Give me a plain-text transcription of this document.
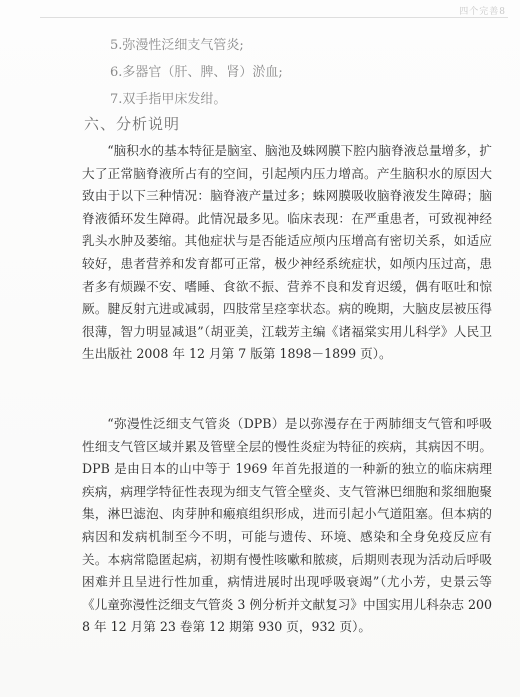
四个完善8
5.弥漫性泛细支气管炎;
6.多器官（肝、脾、肾）淤血;
7.双手指甲床发绀。
六、分析说明
“脑积水的基本特征是脑室、脑池及蛛网膜下腔内脑脊液总量增多，扩大了正常脑脊液所占有的空间，引起颅内压力增高。产生脑积水的原因大致由于以下三种情况：脑脊液产量过多；蛛网膜吸收脑脊液发生障碍；脑脊液循环发生障碍。此情况最多见。临床表现：在严重患者，可致视神经乳头水肿及萎缩。其他症状与是否能适应颅内压增高有密切关系，如适应较好，患者营养和发育都可正常，极少神经系统症状，如颅内压过高，患者多有烦躁不安、嗜睡、食欲不振、营养不良和发育迟缓，偶有呕吐和惊厥。腱反射亢进或减弱，四肢常呈痉挛状态。病的晚期，大脑皮层被压得很薄，智力明显减退”（胡亚美，江载芳主编《诸福棠实用儿科学》人民卫生出版社 2008 年 12 月第 7 版第 1898－1899 页）。
“弥漫性泛细支气管炎（DPB）是以弥漫存在于两肺细支气管和呼吸性细支气管区域并累及管壁全层的慢性炎症为特征的疾病，其病因不明。DPB 是由日本的山中等于 1969 年首先报道的一种新的独立的临床病理疾病，病理学特征性表现为细支气管全壁炎、支气管淋巴细胞和浆细胞聚集，淋巴滤泡、肉芽肿和瘢痕组织形成，进而引起小气道阻塞。但本病的病因和发病机制至今不明，可能与遗传、环境、感染和全身免疫反应有关。本病常隐匿起病，初期有慢性咳嗽和脓痰，后期则表现为活动后呼吸困难并且呈进行性加重，病情进展时出现呼吸衰竭”（尤小芳，史景云等《儿童弥漫性泛细支气管炎 3 例分析并文献复习》中国实用儿科杂志 2008 年 12 月第 23 卷第 12 期第 930 页，932 页）。
